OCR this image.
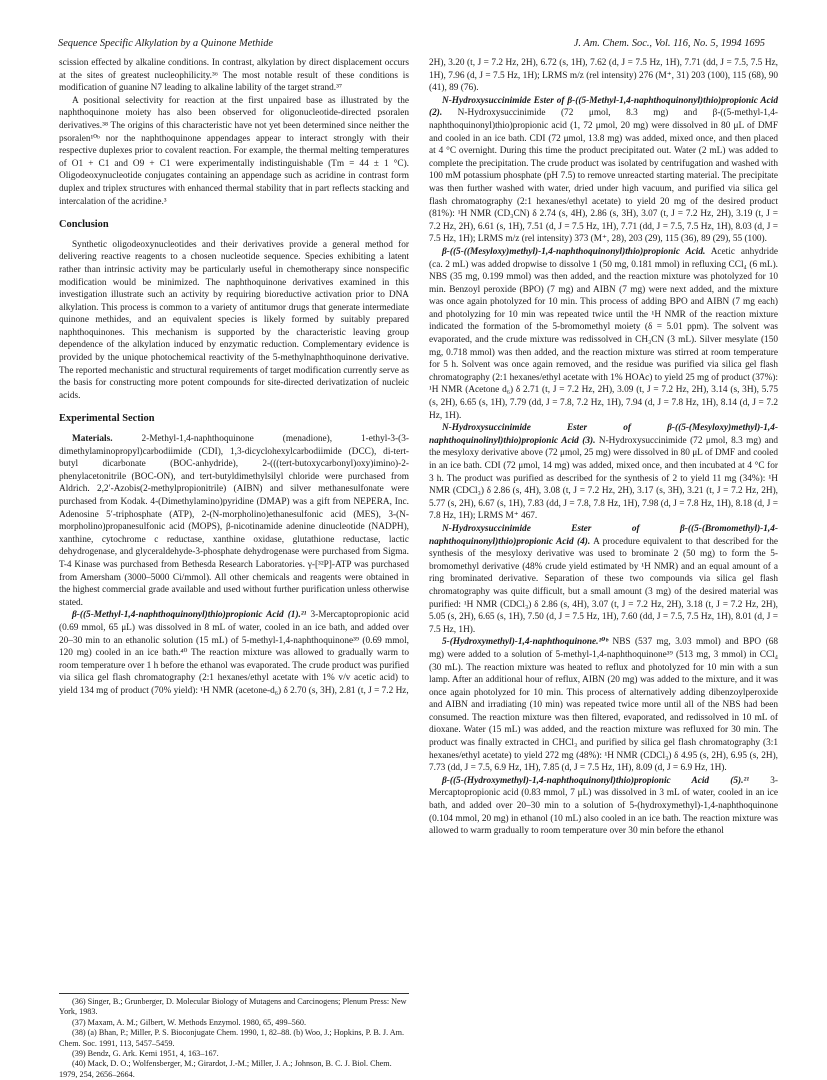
Sequence Specific Alkylation by a Quinone Methide	J. Am. Chem. Soc., Vol. 116, No. 5, 1994 1695

scission effected by alkaline conditions. In contrast, alkylation by direct displacement occurs at the sites of greatest nucleophilicity.³⁶ The most notable result of these conditions is modification of guanine N7 leading to alkaline lability of the target strand.³⁷

A positional selectivity for reaction at the first unpaired base as illustrated by the naphthoquinone moiety has also been observed for oligonucleotide-directed psoralen derivatives.³⁸ The origins of this characteristic have not yet been determined since neither the psoralen¹⁰ᵇ nor the naphthoquinone appendages appear to interact strongly with their respective duplexes prior to covalent reaction. For example, the thermal melting temperatures of O1 + C1 and O9 + C1 were experimentally indistinguishable (Tm = 44 ± 1 °C). Oligodeoxynucleotide conjugates containing an appendage such as acridine in contrast form duplex and triplex structures with enhanced thermal stability that in part reflects stacking and intercalation of the acridine.³

Conclusion

Synthetic oligodeoxynucleotides and their derivatives provide a general method for delivering reactive reagents to a chosen nucleotide sequence. Species exhibiting a latent rather than intrinsic activity may be particularly useful in chemotherapy since nonspecific modification would be minimized. The naphthoquinone derivatives examined in this investigation illustrate such an activity by requiring bioreductive activation prior to DNA alkylation. This process is common to a variety of antitumor drugs that generate intermediate quinone methides, and an equivalent species is likely formed by suitably prepared naphthoquinones. This mechanism is supported by the characteristic leaving group dependence of the alkylation induced by enzymatic reduction. Complementary evidence is provided by the unique photochemical reactivity of the 5-methylnaphthoquinone derivative. The reported mechanistic and structural requirements of target modification currently serve as the basis for constructing more potent compounds for site-directed derivatization of nucleic acids.

Experimental Section

Materials. 2-Methyl-1,4-naphthoquinone (menadione), 1-ethyl-3-(3-dimethylaminopropyl)carbodiimide (CDI), 1,3-dicyclohexylcarbodiimide (DCC), di-tert-butyl dicarbonate (BOC-anhydride), 2-(((tert-butoxycarbonyl)oxy)imino)-2-phenylacetonitrile (BOC-ON), and tert-butyldimethylsilyl chloride were purchased from Aldrich. 2,2′-Azobis(2-methylpropionitrile) (AIBN) and silver methanesulfonate were purchased from Kodak. 4-(Dimethylamino)pyridine (DMAP) was a gift from NEPERA, Inc. Adenosine 5′-triphosphate (ATP), 2-(N-morpholino)ethanesulfonic acid (MES), 3-(N-morpholino)propanesulfonic acid (MOPS), β-nicotinamide adenine dinucleotide (NADPH), xanthine, cytochrome c reductase, xanthine oxidase, glutathione reductase, lactic dehydrogenase, and glyceraldehyde-3-phosphate dehydrogenase were purchased from Sigma. T-4 Kinase was purchased from Bethesda Research Laboratories. γ-[³²P]-ATP was purchased from Amersham (3000–5000 Ci/mmol). All other chemicals and reagents were obtained in the highest commercial grade available and used without further purification unless otherwise stated.

β-((5-Methyl-1,4-naphthoquinonyl)thio)propionic Acid (1).²¹ 3-Mercaptopropionic acid (0.69 mmol, 65 μL) was dissolved in 8 mL of water, cooled in an ice bath, and added over 20–30 min to an ethanolic solution (15 mL) of 5-methyl-1,4-naphthoquinone³⁹ (0.69 mmol, 120 mg) cooled in an ice bath.⁴⁰ The reaction mixture was allowed to gradually warm to room temperature over 1 h before the ethanol was evaporated. The crude product was purified via silica gel flash chromatography (2:1 hexanes/ethyl acetate with 1% v/v acetic acid) to yield 134 mg of product (70% yield): ¹H NMR (acetone-d₆) δ 2.70 (s, 3H), 2.81 (t, J = 7.2 Hz,

(36) Singer, B.; Grunberger, D. Molecular Biology of Mutagens and Carcinogens; Plenum Press: New York, 1983.

(37) Maxam, A. M.; Gilbert, W. Methods Enzymol. 1980, 65, 499–560.

(38) (a) Bhan, P.; Miller, P. S. Bioconjugate Chem. 1990, 1, 82–88. (b) Woo, J.; Hopkins, P. B. J. Am. Chem. Soc. 1991, 113, 5457–5459.

(39) Bendz, G. Ark. Kemi 1951, 4, 163–167.

(40) Mack, D. O.; Wolfensberger, M.; Girardot, J.-M.; Miller, J. A.; Johnson, B. C. J. Biol. Chem. 1979, 254, 2656–2664.

2H), 3.20 (t, J = 7.2 Hz, 2H), 6.72 (s, 1H), 7.62 (d, J = 7.5 Hz, 1H), 7.71 (dd, J = 7.5, 7.5 Hz, 1H), 7.96 (d, J = 7.5 Hz, 1H); LRMS m/z (rel intensity) 276 (M⁺, 31) 203 (100), 115 (68), 90 (41), 89 (76).

N-Hydroxysuccinimide Ester of β-((5-Methyl-1,4-naphthoquinonyl)thio)propionic Acid (2). N-Hydroxysuccinimide (72 μmol, 8.3 mg) and β-((5-methyl-1,4-naphthoquinonyl)thio)propionic acid (1, 72 μmol, 20 mg) were dissolved in 80 μL of DMF and cooled in an ice bath. CDI (72 μmol, 13.8 mg) was added, mixed once, and then placed at 4 °C overnight. During this time the product precipitated out. Water (2 mL) was added to complete the precipitation. The crude product was isolated by centrifugation and washed with 100 mM potassium phosphate (pH 7.5) to remove unreacted starting material. The precipitate was then further washed with water, dried under high vacuum, and purified via silica gel flash chromatography (2:1 hexanes/ethyl acetate) to yield 20 mg of the desired product (81%): ¹H NMR (CD₃CN) δ 2.74 (s, 4H), 2.86 (s, 3H), 3.07 (t, J = 7.2 Hz, 2H), 3.19 (t, J = 7.2 Hz, 2H), 6.61 (s, 1H), 7.51 (d, J = 7.5 Hz, 1H), 7.71 (dd, J = 7.5, 7.5 Hz, 1H), 8.03 (d, J = 7.5 Hz, 1H); LRMS m/z (rel intensity) 373 (M⁺, 28), 203 (29), 115 (36), 89 (29), 55 (100).

β-((5-((Mesyloxy)methyl)-1,4-naphthoquinonyl)thio)propionic Acid. Acetic anhydride (ca. 2 mL) was added dropwise to dissolve 1 (50 mg, 0.181 mmol) in refluxing CCl₄ (6 mL). NBS (35 mg, 0.199 mmol) was then added, and the reaction mixture was photolyzed for 10 min. Benzoyl peroxide (BPO) (7 mg) and AIBN (7 mg) were next added, and the mixture was once again photolyzed for 10 min. This process of adding BPO and AIBN (7 mg each) and photolyzing for 10 min was repeated twice until the ¹H NMR of the reaction mixture indicated the formation of the 5-bromomethyl moiety (δ = 5.01 ppm). The solvent was evaporated, and the crude mixture was redissolved in CH₃CN (3 mL). Silver mesylate (150 mg, 0.718 mmol) was then added, and the reaction mixture was stirred at room temperature for 5 h. Solvent was once again removed, and the residue was purified via silica gel flash chromatography (2:1 hexanes/ethyl acetate with 1% HOAc) to yield 25 mg of product (37%): ¹H NMR (Acetone d₆) δ 2.71 (t, J = 7.2 Hz, 2H), 3.09 (t, J = 7.2 Hz, 2H), 3.14 (s, 3H), 5.75 (s, 2H), 6.65 (s, 1H), 7.79 (dd, J = 7.8, 7.2 Hz, 1H), 7.94 (d, J = 7.8 Hz, 1H), 8.14 (d, J = 7.2 Hz, 1H).

N-Hydroxysuccinimide Ester of β-((5-(Mesyloxy)methyl)-1,4-naphthoquinolinyl)thio)propionic Acid (3). N-Hydroxysuccinimide (72 μmol, 8.3 mg) and the mesyloxy derivative above (72 μmol, 25 mg) were dissolved in 80 μL of DMF and cooled in an ice bath. CDI (72 μmol, 14 mg) was added, mixed once, and then incubated at 4 °C for 3 h. The product was purified as described for the synthesis of 2 to yield 11 mg (34%): ¹H NMR (CDCl₃) δ 2.86 (s, 4H), 3.08 (t, J = 7.2 Hz, 2H), 3.17 (s, 3H), 3.21 (t, J = 7.2 Hz, 2H), 5.77 (s, 2H), 6.67 (s, 1H), 7.83 (dd, J = 7.8, 7.8 Hz, 1H), 7.98 (d, J = 7.8 Hz, 1H), 8.18 (d, J = 7.8 Hz, 1H); LRMS M⁺ 467.

N-Hydroxysuccinimide Ester of β-((5-(Bromomethyl)-1,4-naphthoquinonyl)thio)propionic Acid (4). A procedure equivalent to that described for the synthesis of the mesyloxy derivative was used to brominate 2 (50 mg) to form the 5-bromomethyl derivative (48% crude yield estimated by ¹H NMR) and an equal amount of a ring brominated derivative. Separation of these two compounds via silica gel flash chromatography was quite difficult, but a small amount (3 mg) of the desired material was purified: ¹H NMR (CDCl₃) δ 2.86 (s, 4H), 3.07 (t, J = 7.2 Hz, 2H), 3.18 (t, J = 7.2 Hz, 2H), 5.05 (s, 2H), 6.65 (s, 1H), 7.50 (d, J = 7.5 Hz, 1H), 7.60 (dd, J = 7.5, 7.5 Hz, 1H), 8.01 (d, J = 7.5 Hz, 1H).

5-(Hydroxymethyl)-1,4-naphthoquinone.¹⁰ᵇ NBS (537 mg, 3.03 mmol) and BPO (68 mg) were added to a solution of 5-methyl-1,4-naphthoquinone³⁹ (513 mg, 3 mmol) in CCl₄ (30 mL). The reaction mixture was heated to reflux and photolyzed for 10 min with a sun lamp. After an additional hour of reflux, AIBN (20 mg) was added to the mixture, and it was once again photolyzed for 10 min. This process of alternatively adding dibenzoylperoxide and AIBN and irradiating (10 min) was repeated twice more until all of the NBS had been consumed. The reaction mixture was then filtered, evaporated, and redissolved in 10 mL of dioxane. Water (15 mL) was added, and the reaction mixture was refluxed for 30 min. The product was finally extracted in CHCl₃ and purified by silica gel flash chromatography (3:1 hexanes/ethyl acetate) to yield 272 mg (48%): ¹H NMR (CDCl₃) δ 4.95 (s, 2H), 6.95 (s, 2H), 7.73 (dd, J = 7.5, 6.9 Hz, 1H), 7.85 (d, J = 7.5 Hz, 1H), 8.09 (d, J = 6.9 Hz, 1H).

β-((5-(Hydroxymethyl)-1,4-naphthoquinonyl)thio)propionic Acid (5).²¹ 3-Mercaptopropionic acid (0.83 mmol, 7 μL) was dissolved in 3 mL of water, cooled in an ice bath, and added over 20–30 min to a solution of 5-(hydroxymethyl)-1,4-naphthoquinone (0.104 mmol, 20 mg) in ethanol (10 mL) also cooled in an ice bath. The reaction mixture was allowed to warm gradually to room temperature over 30 min before the ethanol
